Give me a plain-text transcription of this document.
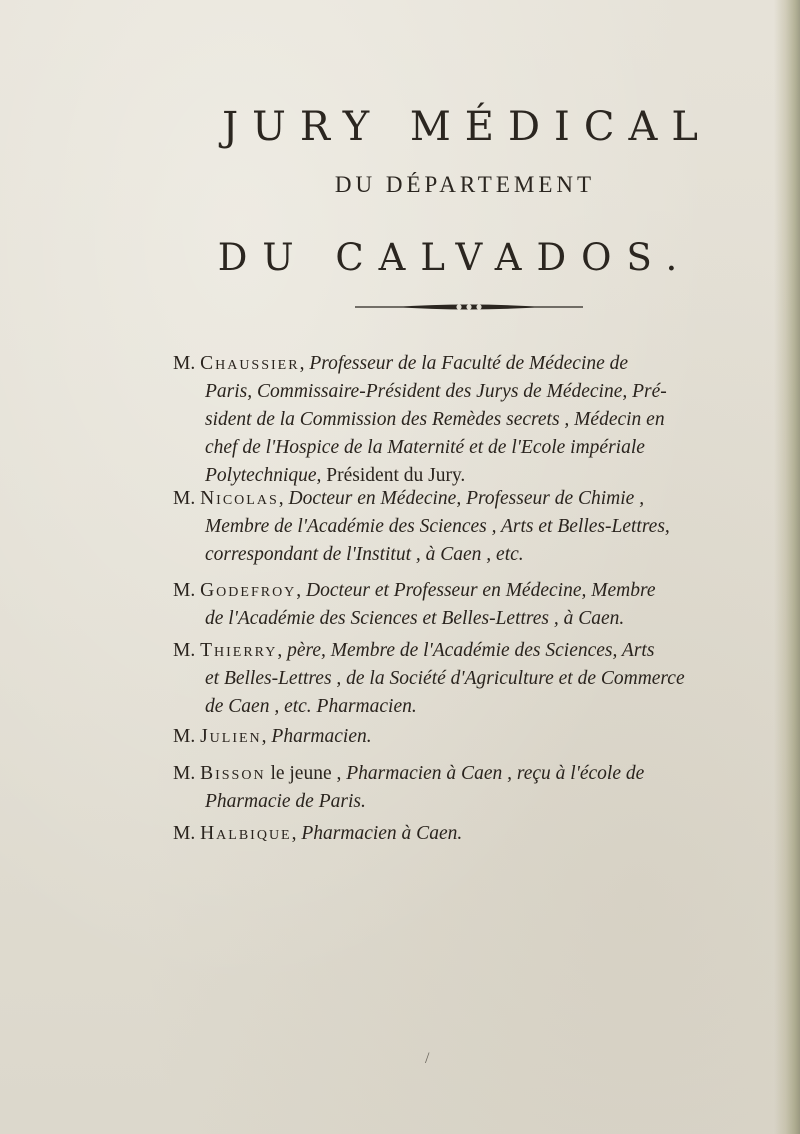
JURY MÉDICAL
DU DÉPARTEMENT
DU CALVADOS.
M. Chaussier, Professeur de la Faculté de Médecine de
Paris, Commissaire-Président des Jurys de Médecine, Pré-
sident de la Commission des Remèdes secrets , Médecin en
chef de l'Hospice de la Maternité et de l'Ecole impériale
Polytechnique, Président du Jury.
M. Nicolas, Docteur en Médecine, Professeur de Chimie ,
Membre de l'Académie des Sciences , Arts et Belles-Lettres,
correspondant de l'Institut , à Caen , etc.
M. Godefroy, Docteur et Professeur en Médecine, Membre
de l'Académie des Sciences et Belles-Lettres , à Caen.
M. Thierry, père, Membre de l'Académie des Sciences, Arts
et Belles-Lettres , de la Société d'Agriculture et de Commerce
de Caen , etc. Pharmacien.
M. Julien, Pharmacien.
M. Bisson le jeune , Pharmacien à Caen , reçu à l'école de
Pharmacie de Paris.
M. Halbique, Pharmacien à Caen.
/
